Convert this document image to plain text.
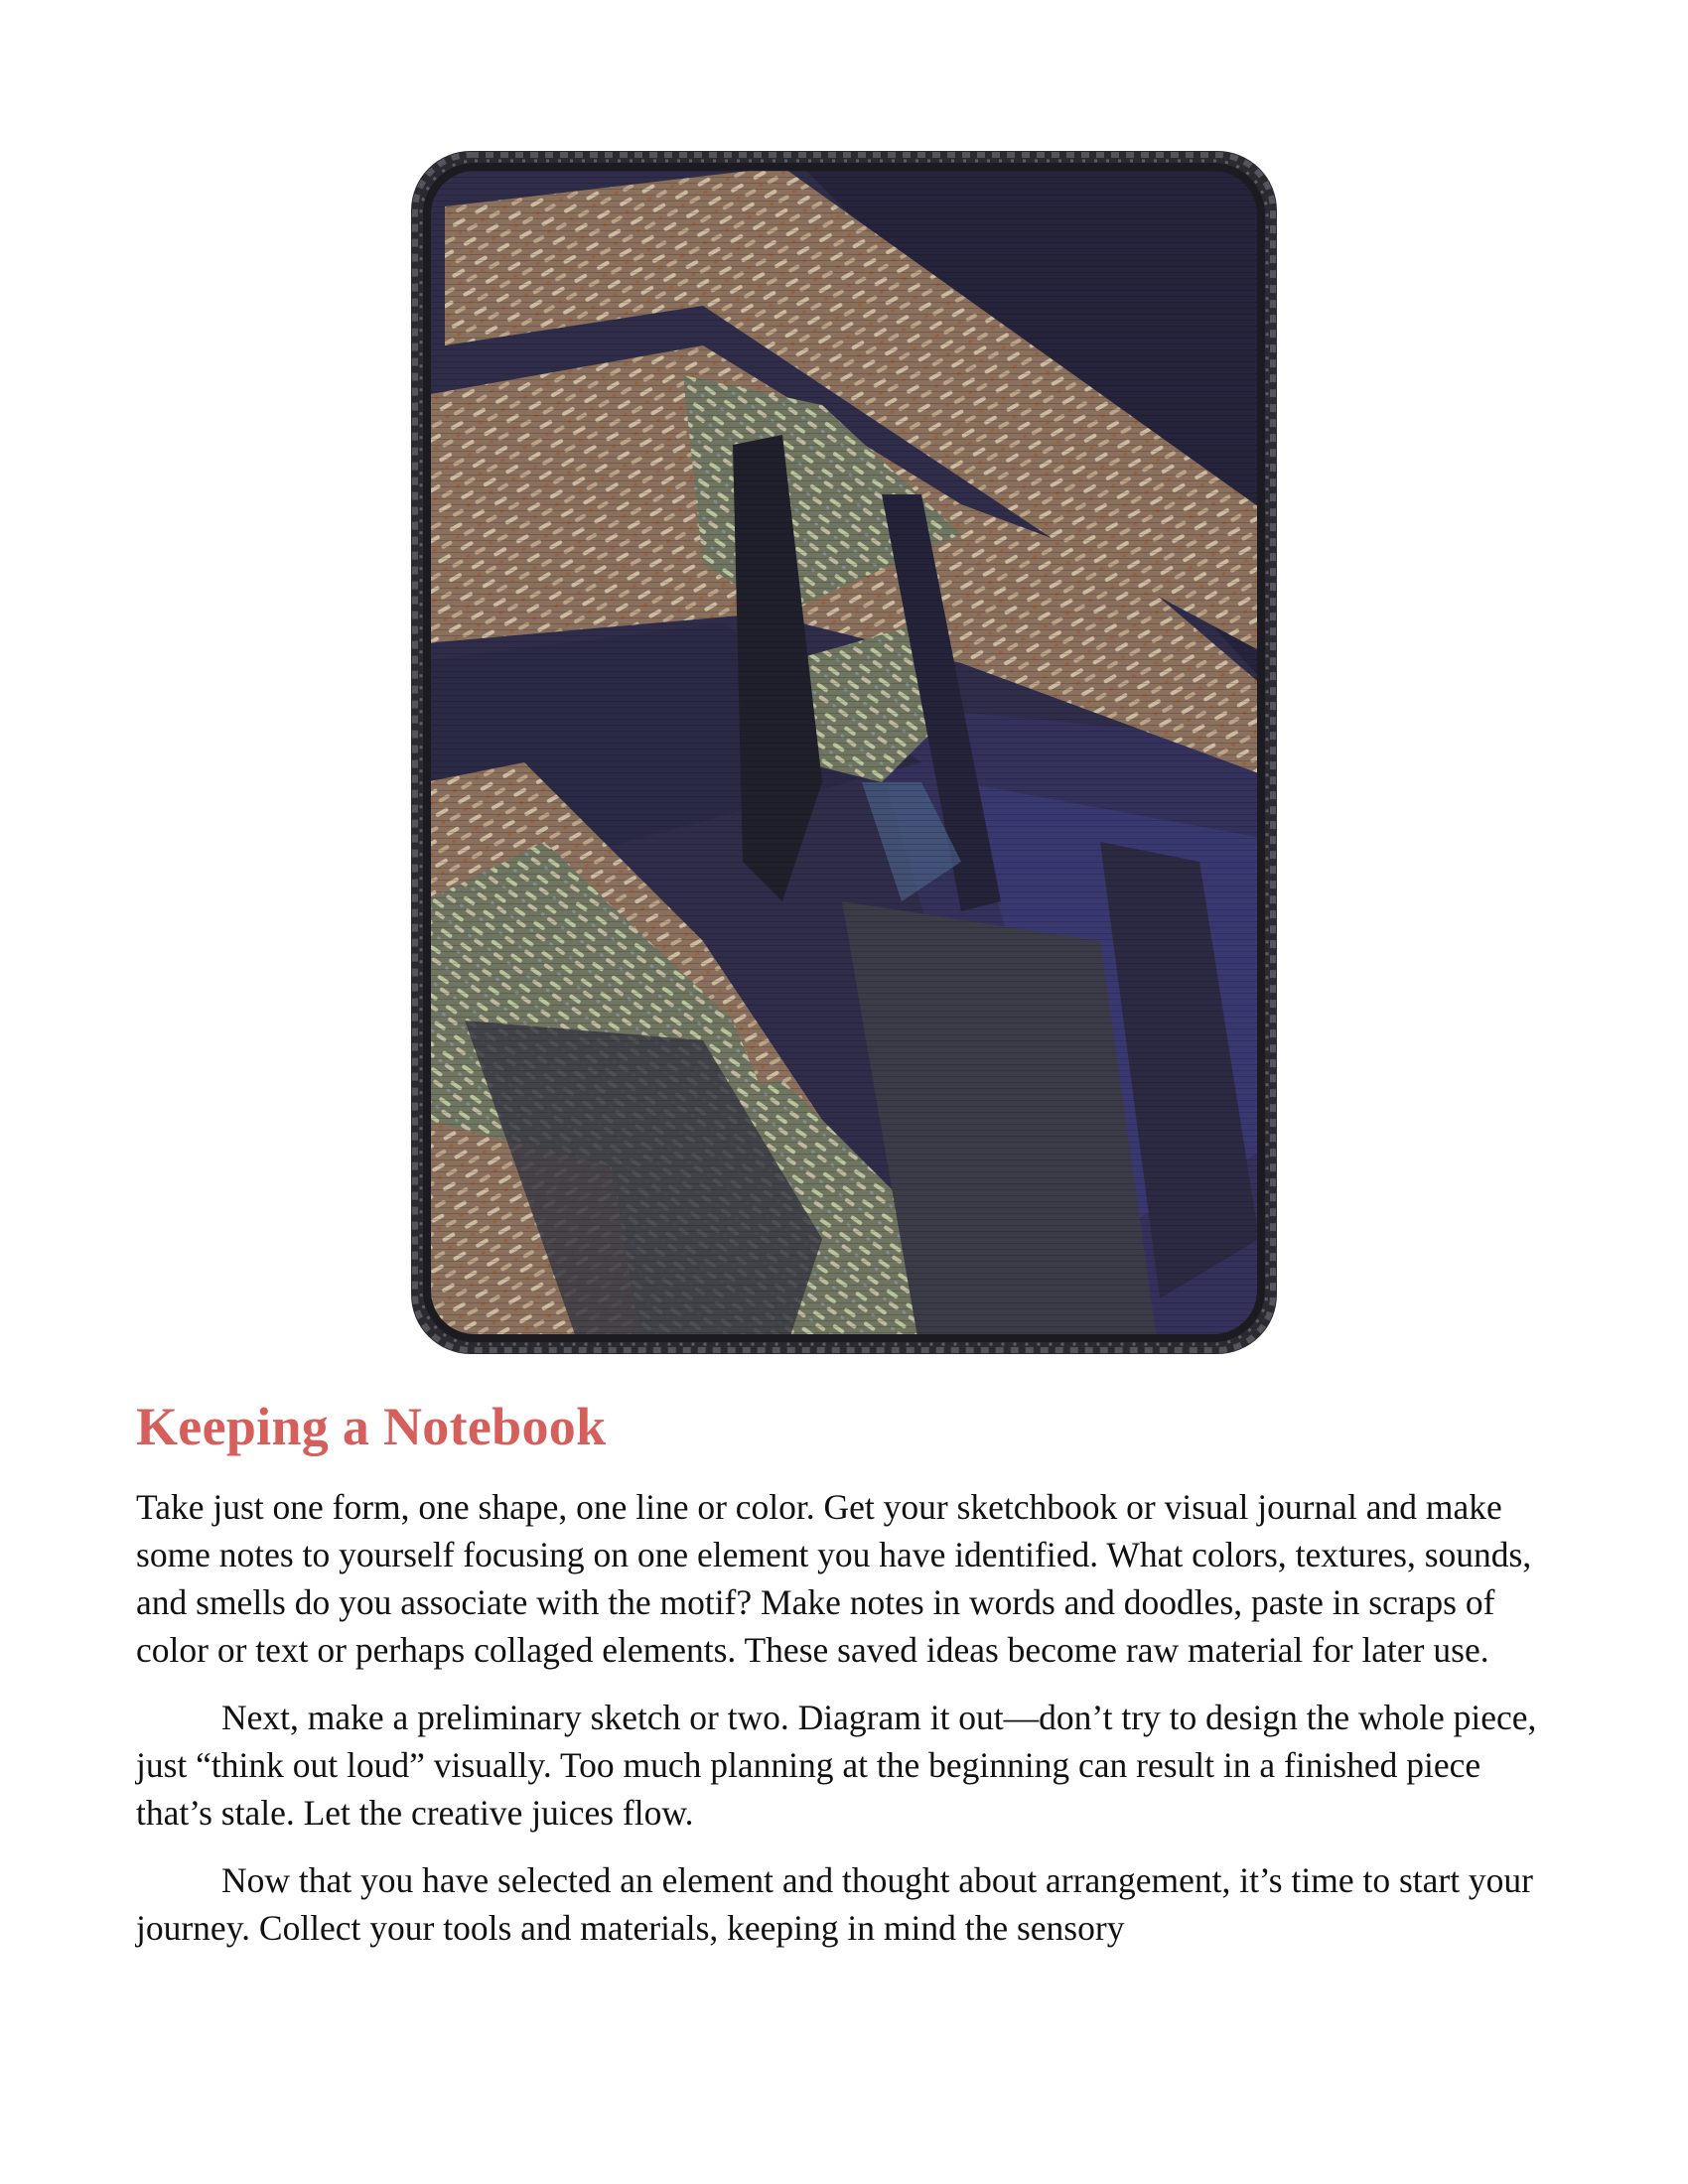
Keeping a Notebook

Take just one form, one shape, one line or color. Get your sketchbook or visual journal and make some notes to yourself focusing on one element you have identified. What colors, textures, sounds, and smells do you associate with the motif? Make notes in words and doodles, paste in scraps of color or text or perhaps collaged elements. These saved ideas become raw material for later use.

Next, make a preliminary sketch or two. Diagram it out—don’t try to design the whole piece, just “think out loud” visually. Too much planning at the beginning can result in a finished piece that’s stale. Let the creative juices flow.

Now that you have selected an element and thought about arrangement, it’s time to start your journey. Collect your tools and materials, keeping in mind the sensory
